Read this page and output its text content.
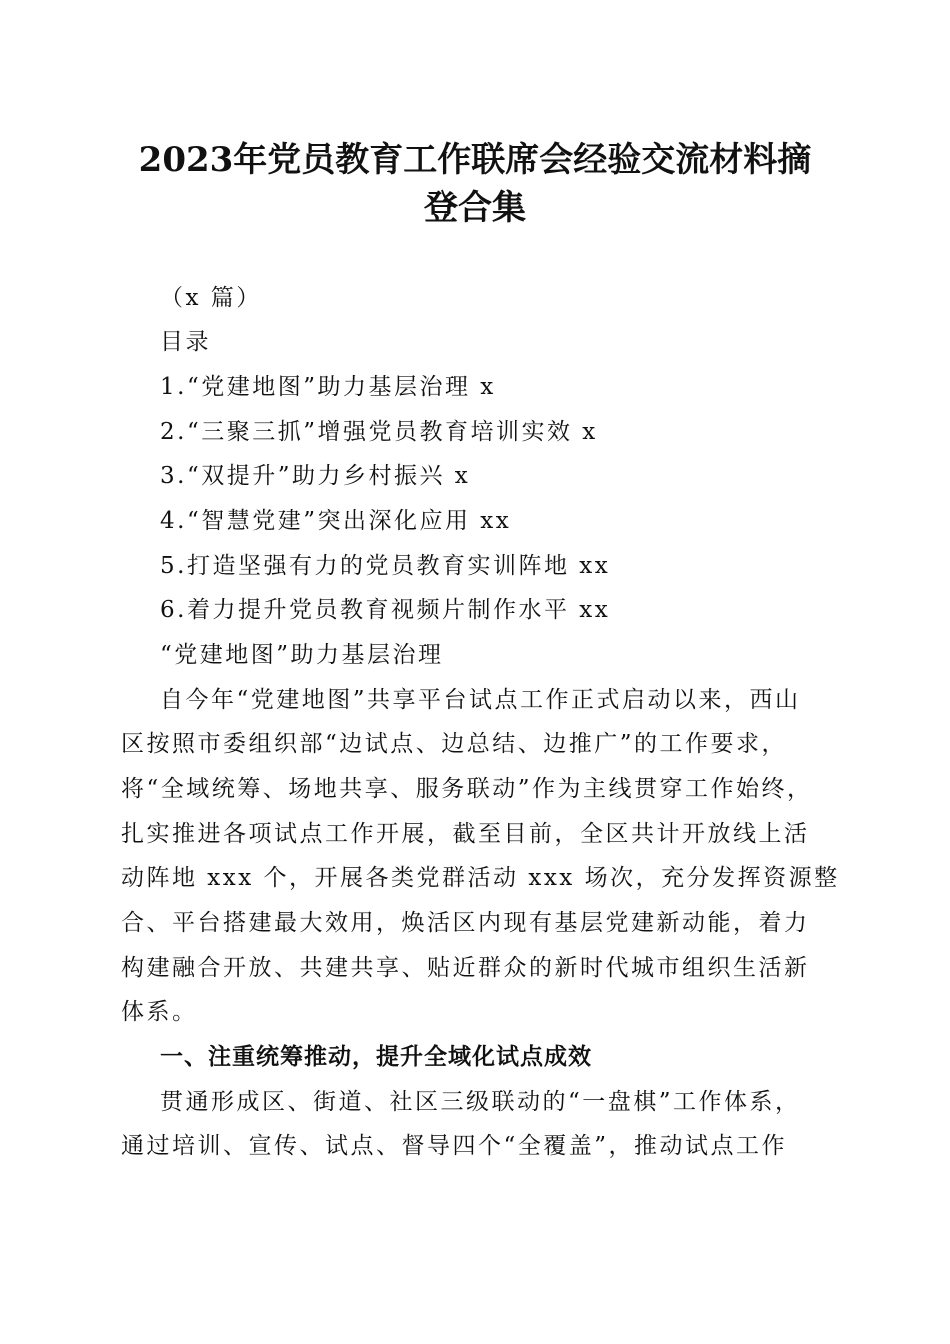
2023年党员教育工作联席会经验交流材料摘
登合集
（x 篇）
目录
1.“党建地图”助力基层治理 x
2.“三聚三抓”增强党员教育培训实效 x
3.“双提升”助力乡村振兴 x
4.“智慧党建”突出深化应用 xx
5.打造坚强有力的党员教育实训阵地 xx
6.着力提升党员教育视频片制作水平 xx
“党建地图”助力基层治理
自今年“党建地图”共享平台试点工作正式启动以来，西山
区按照市委组织部“边试点、边总结、边推广”的工作要求，
将“全域统筹、场地共享、服务联动”作为主线贯穿工作始终，
扎实推进各项试点工作开展，截至目前，全区共计开放线上活
动阵地 xxx 个，开展各类党群活动 xxx 场次，充分发挥资源整
合、平台搭建最大效用，焕活区内现有基层党建新动能，着力
构建融合开放、共建共享、贴近群众的新时代城市组织生活新
体系。
一、注重统筹推动，提升全域化试点成效
贯通形成区、街道、社区三级联动的“一盘棋”工作体系，
通过培训、宣传、试点、督导四个“全覆盖”，推动试点工作
